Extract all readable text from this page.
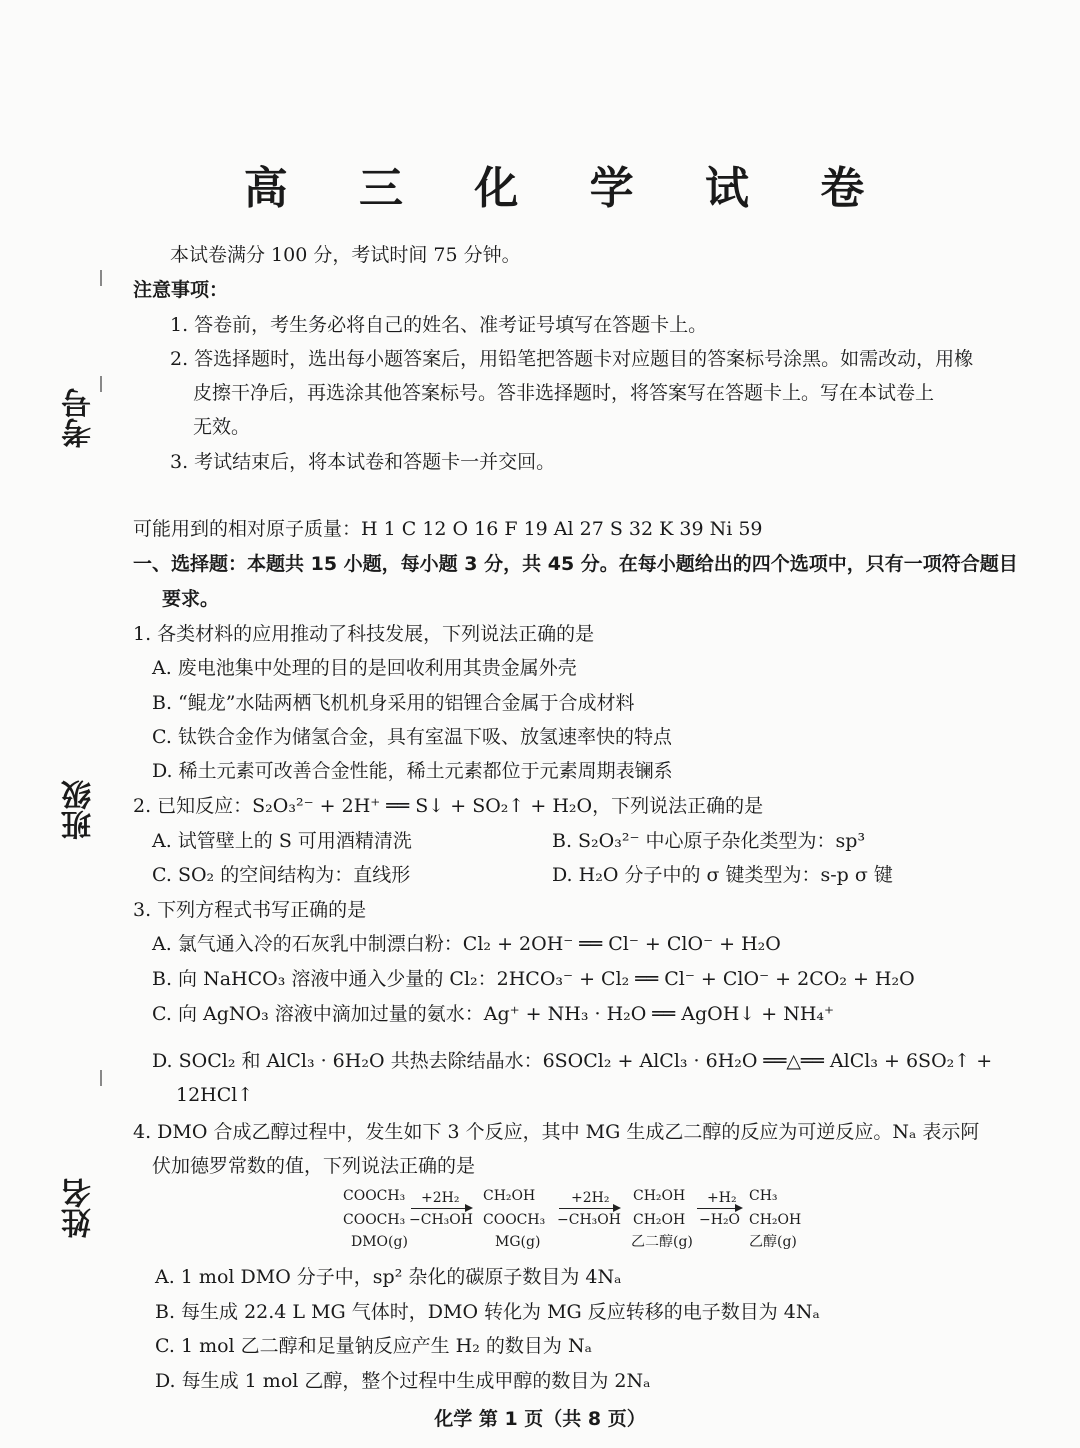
考号
班级
姓名
高 三 化 学 试 卷
本试卷满分 100 分，考试时间 75 分钟。
注意事项：
1. 答卷前，考生务必将自己的姓名、准考证号填写在答题卡上。
2. 答选择题时，选出每小题答案后，用铅笔把答题卡对应题目的答案标号涂黑。如需改动，用橡
皮擦干净后，再选涂其他答案标号。答非选择题时，将答案写在答题卡上。写在本试卷上
无效。
3. 考试结束后，将本试卷和答题卡一并交回。
可能用到的相对原子质量：H 1 C 12 O 16 F 19 Al 27 S 32 K 39 Ni 59
一、选择题：本题共 15 小题，每小题 3 分，共 45 分。在每小题给出的四个选项中，只有一项符合题目
要求。
1. 各类材料的应用推动了科技发展，下列说法正确的是
A. 废电池集中处理的目的是回收利用其贵金属外壳
B. “鲲龙”水陆两栖飞机机身采用的铝锂合金属于合成材料
C. 钛铁合金作为储氢合金，具有室温下吸、放氢速率快的特点
D. 稀土元素可改善合金性能，稀土元素都位于元素周期表镧系
2. 已知反应：S₂O₃²⁻ + 2H⁺ ══ S↓ + SO₂↑ + H₂O，下列说法正确的是
A. 试管壁上的 S 可用酒精清洗	B. S₂O₃²⁻ 中心原子杂化类型为：sp³
C. SO₂ 的空间结构为：直线形	D. H₂O 分子中的 σ 键类型为：s-p σ 键
3. 下列方程式书写正确的是
A. 氯气通入冷的石灰乳中制漂白粉：Cl₂ + 2OH⁻ ══ Cl⁻ + ClO⁻ + H₂O
B. 向 NaHCO₃ 溶液中通入少量的 Cl₂：2HCO₃⁻ + Cl₂ ══ Cl⁻ + ClO⁻ + 2CO₂ + H₂O
C. 向 AgNO₃ 溶液中滴加过量的氨水：Ag⁺ + NH₃ · H₂O ══ AgOH↓ + NH₄⁺
D. SOCl₂ 和 AlCl₃ · 6H₂O 共热去除结晶水：6SOCl₂ + AlCl₃ · 6H₂O ══△══ AlCl₃ + 6SO₂↑ +
12HCl↑
4. DMO 合成乙醇过程中，发生如下 3 个反应，其中 MG 生成乙二醇的反应为可逆反应。Nₐ 表示阿
伏加德罗常数的值，下列说法正确的是
COOCH₃
COOCH₃
DMO(g)
+2H₂
−CH₃OH
CH₂OH
COOCH₃
MG(g)
+2H₂
−CH₃OH
CH₂OH
CH₂OH
乙二醇(g)
+H₂
−H₂O
CH₃
CH₂OH
乙醇(g)
A. 1 mol DMO 分子中，sp² 杂化的碳原子数目为 4Nₐ
B. 每生成 22.4 L MG 气体时，DMO 转化为 MG 反应转移的电子数目为 4Nₐ
C. 1 mol 乙二醇和足量钠反应产生 H₂ 的数目为 Nₐ
D. 每生成 1 mol 乙醇，整个过程中生成甲醇的数目为 2Nₐ
化学 第 1 页（共 8 页）
